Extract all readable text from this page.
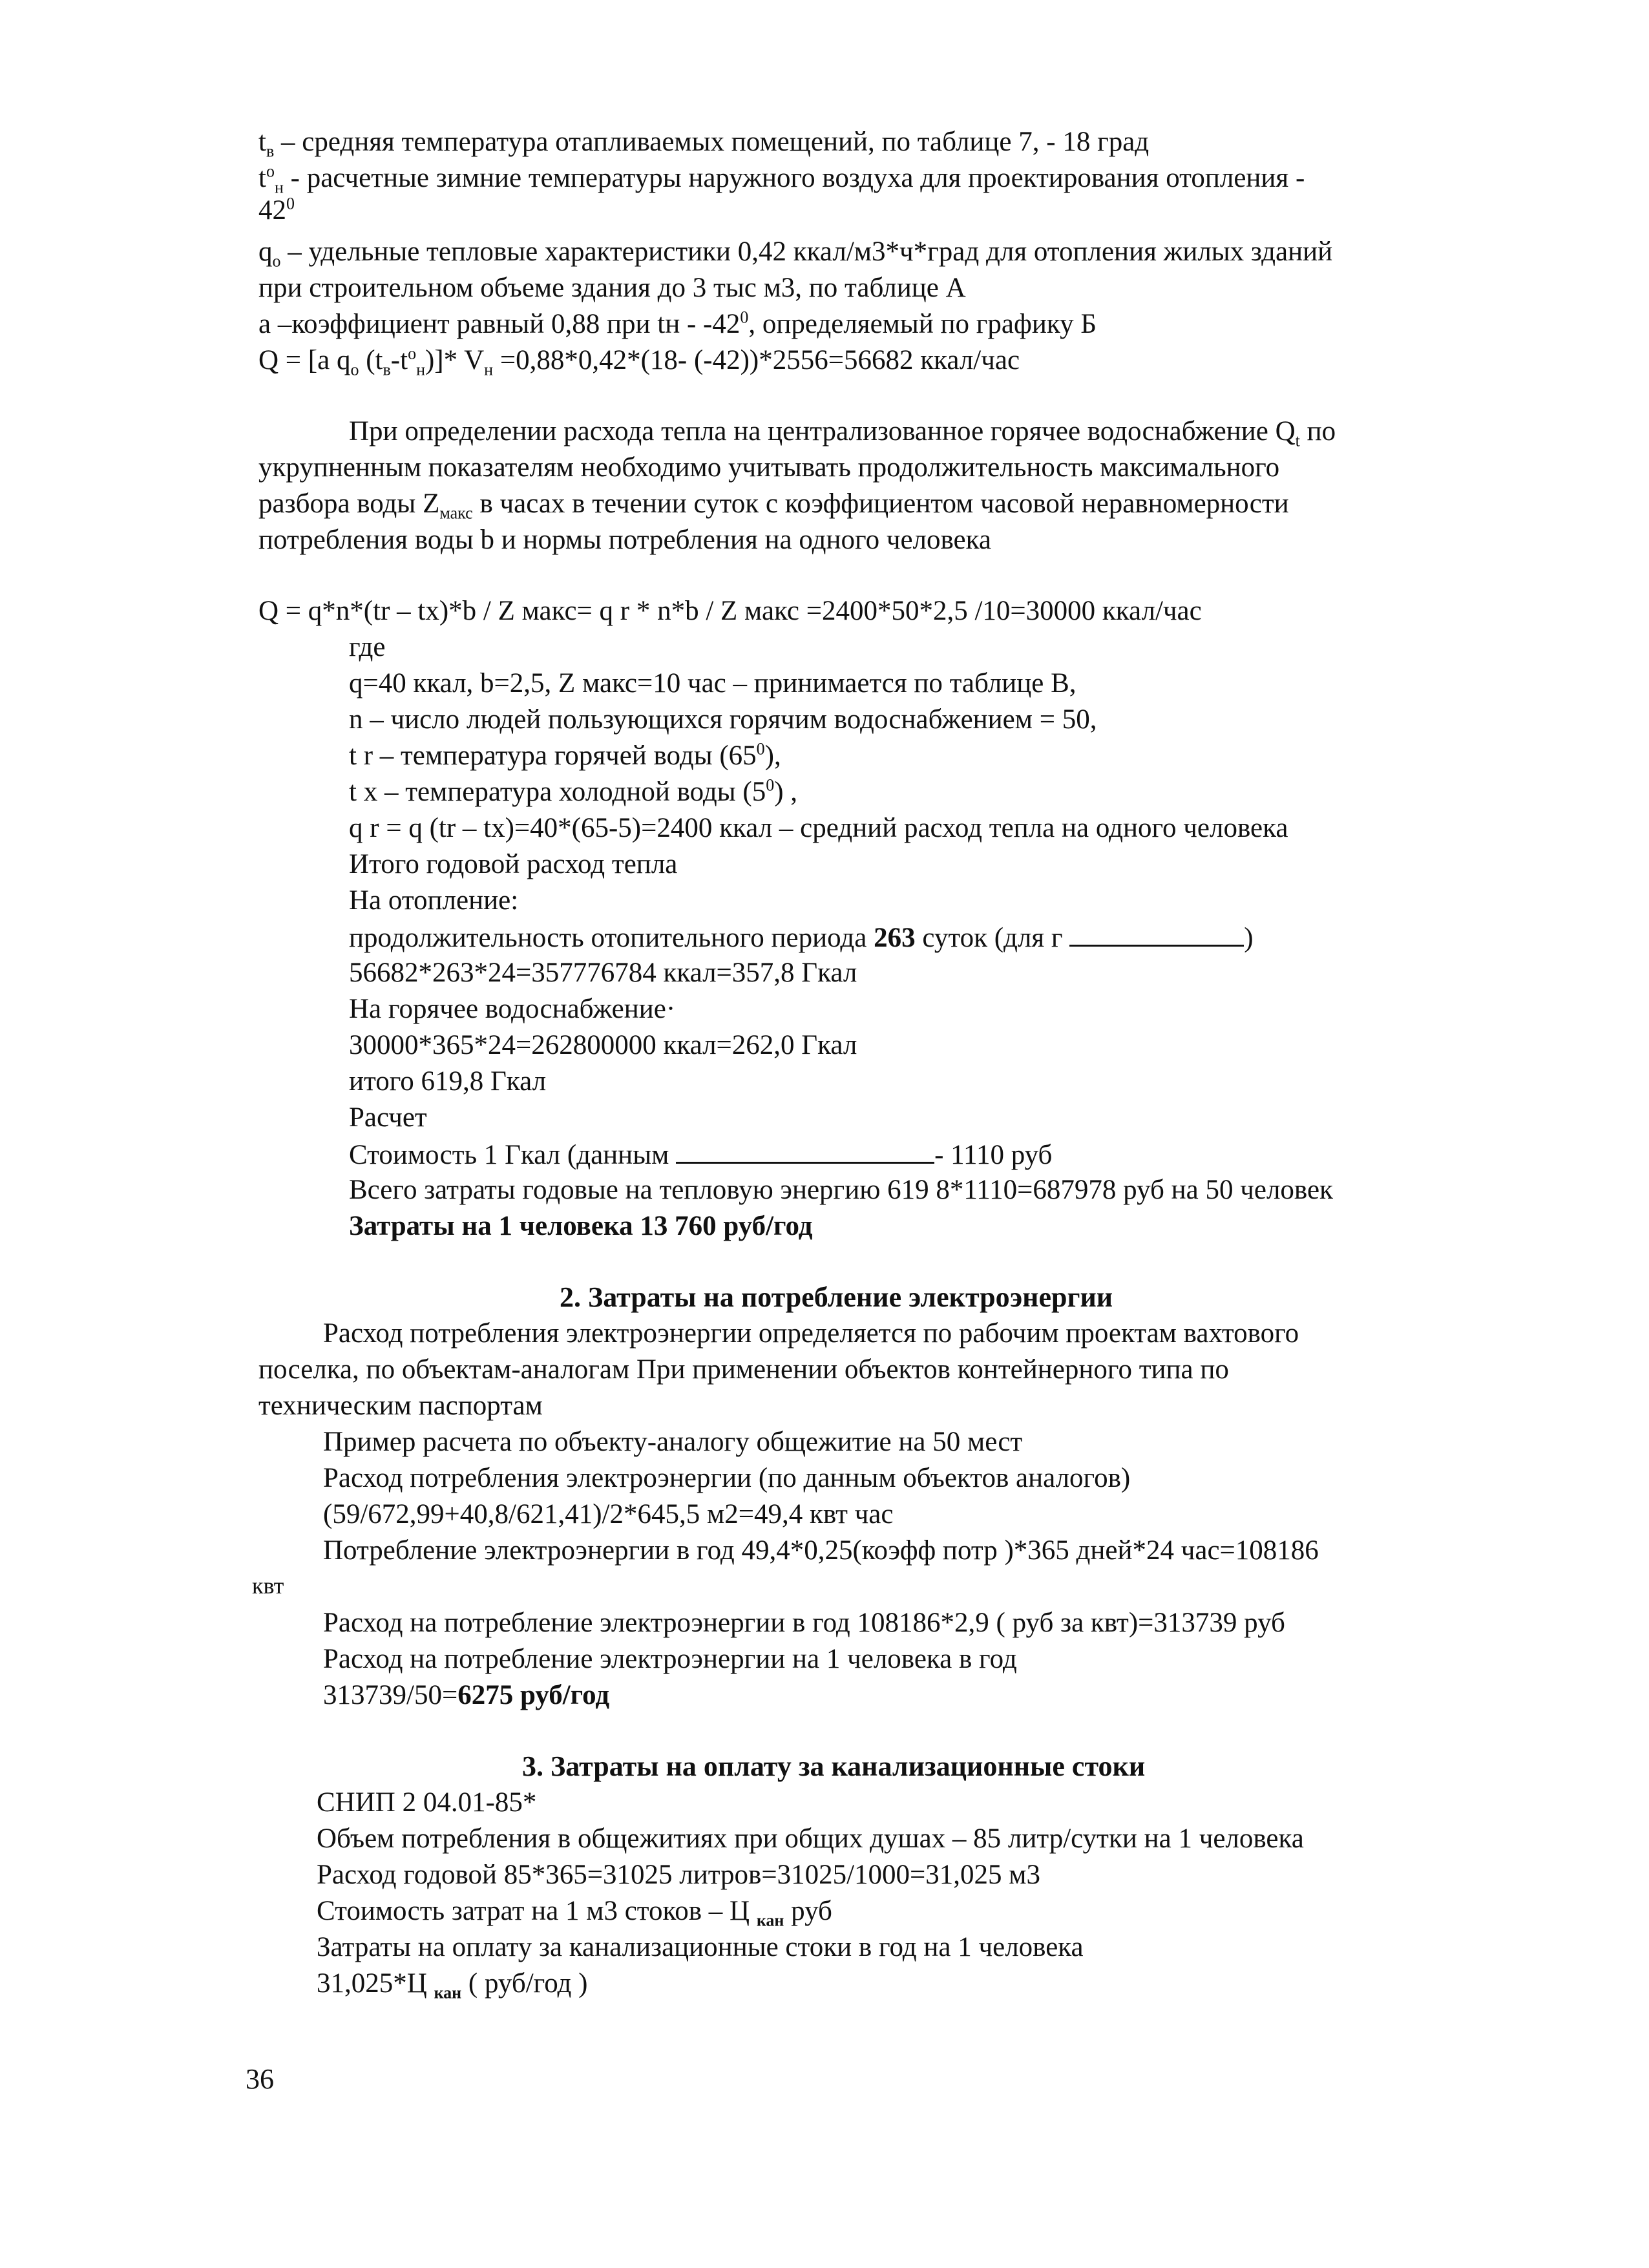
$t_в$ – средняя температура отапливаемых помещений, по таблице 7, - 18 град
$t^о_н$ - расчетные зимние температуры наружного воздуха для проектирования отопления -
$42^0$
$q_о$ – удельные тепловые характеристики 0,42 ккал/м3*ч*град для отопления жилых зданий
при строительном объеме здания до 3 тыс м3, по таблице А
а –коэффициент равный 0,88 при tн - $-42^0$, определяемый по графику Б
Q = [a $q_о$ $(t_в-t^о_н)]*$ $V_н =0,88*0,42*(18-$ (-42))*2556=56682 ккал/час
При определении расхода тепла на централизованное горячее водоснабжение $Q_t$ по
укрупненным показателям необходимо учитывать продолжительность максимального
разбора воды $Z_{макс}$ в часах в течении суток с коэффициентом часовой неравномерности
потребления воды b и нормы потребления на одного человека
Q = q*n*(tr – tx)*b / Z макс= q r * n*b / Z макс =2400*50*2,5 /10=30000 ккал/час
где
q=40 ккал, b=2,5, Z макс=10 час – принимается по таблице В,
n – число людей пользующихся горячим водоснабжением = 50,
t r – температура горячей воды $(65^0)$,
t x – температура холодной воды $(5^0)$ ,
q r = q (tr – tx)=40*(65-5)=2400 ккал – средний расход тепла на одного человека
Итого годовой расход тепла
На отопление:
продолжительность отопительного периода 263 суток (для г	)
56682*263*24=357776784 ккал=357,8 Гкал
На горячее водоснабжение·
30000*365*24=262800000 ккал=262,0 Гкал
итого 619,8 Гкал
Расчет
Стоимость 1 Гкал (данным	- 1110 руб
Всего затраты годовые на тепловую энергию 619 8*1110=687978 руб на 50 человек
Затраты на 1 человека 13 760 руб/год
2. Затраты на потребление электроэнергии
Расход потребления электроэнергии определяется по рабочим проектам вахтового
поселка, по объектам-аналогам При применении объектов контейнерного типа по
техническим паспортам
Пример расчета по объекту-аналогу общежитие на 50 мест
Расход потребления электроэнергии (по данным объектов аналогов)
(59/672,99+40,8/621,41)/2*645,5 м2=49,4 квт час
Потребление электроэнергии в год 49,4*0,25(коэфф потр )*365 дней*24 час=108186
квт
Расход на потребление электроэнергии в год 108186*2,9 ( руб за квт)=313739 руб
Расход на потребление электроэнергии на 1 человека в год
313739/50=6275 руб/год
3. Затраты на оплату за канализационные стоки
СНИП 2 04.01-85*
Объем потребления в общежитиях при общих душах – 85 литр/сутки на 1 человека
Расход годовой 85*365=31025 литров=31025/1000=31,025 м3
Стоимость затрат на 1 м3 стоков – Ц $_{кан}$ руб
Затраты на оплату за канализационные стоки в год на 1 человека
31,025*Ц $_{кан}$ ( руб/год )
36
